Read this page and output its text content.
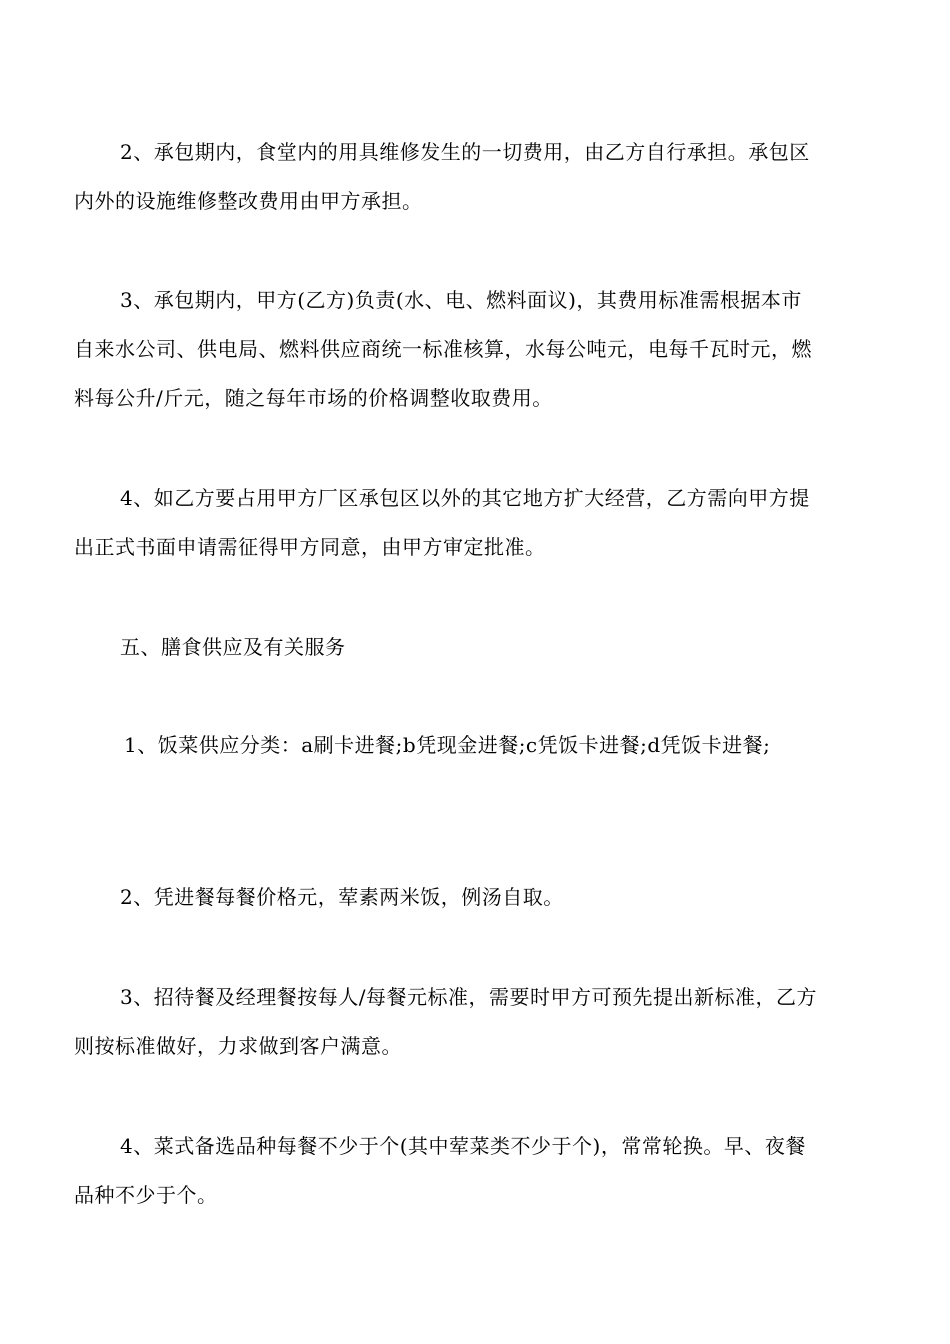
2、承包期内，食堂内的用具维修发生的一切费用，由乙方自行承担。承包区
内外的设施维修整改费用由甲方承担。
3、承包期内，甲方(乙方)负责(水、电、燃料面议)，其费用标准需根据本市
自来水公司、供电局、燃料供应商统一标准核算，水每公吨元，电每千瓦时元，燃
料每公升/斤元，随之每年市场的价格调整收取费用。
4、如乙方要占用甲方厂区承包区以外的其它地方扩大经营，乙方需向甲方提
出正式书面申请需征得甲方同意，由甲方审定批准。
五、膳食供应及有关服务
1、饭菜供应分类：a刷卡进餐;b凭现金进餐;c凭饭卡进餐;d凭饭卡进餐;
2、凭进餐每餐价格元，荤素两米饭，例汤自取。
3、招待餐及经理餐按每人/每餐元标准，需要时甲方可预先提出新标准，乙方
则按标准做好，力求做到客户满意。
4、菜式备选品种每餐不少于个(其中荤菜类不少于个)，常常轮换。早、夜餐
品种不少于个。
